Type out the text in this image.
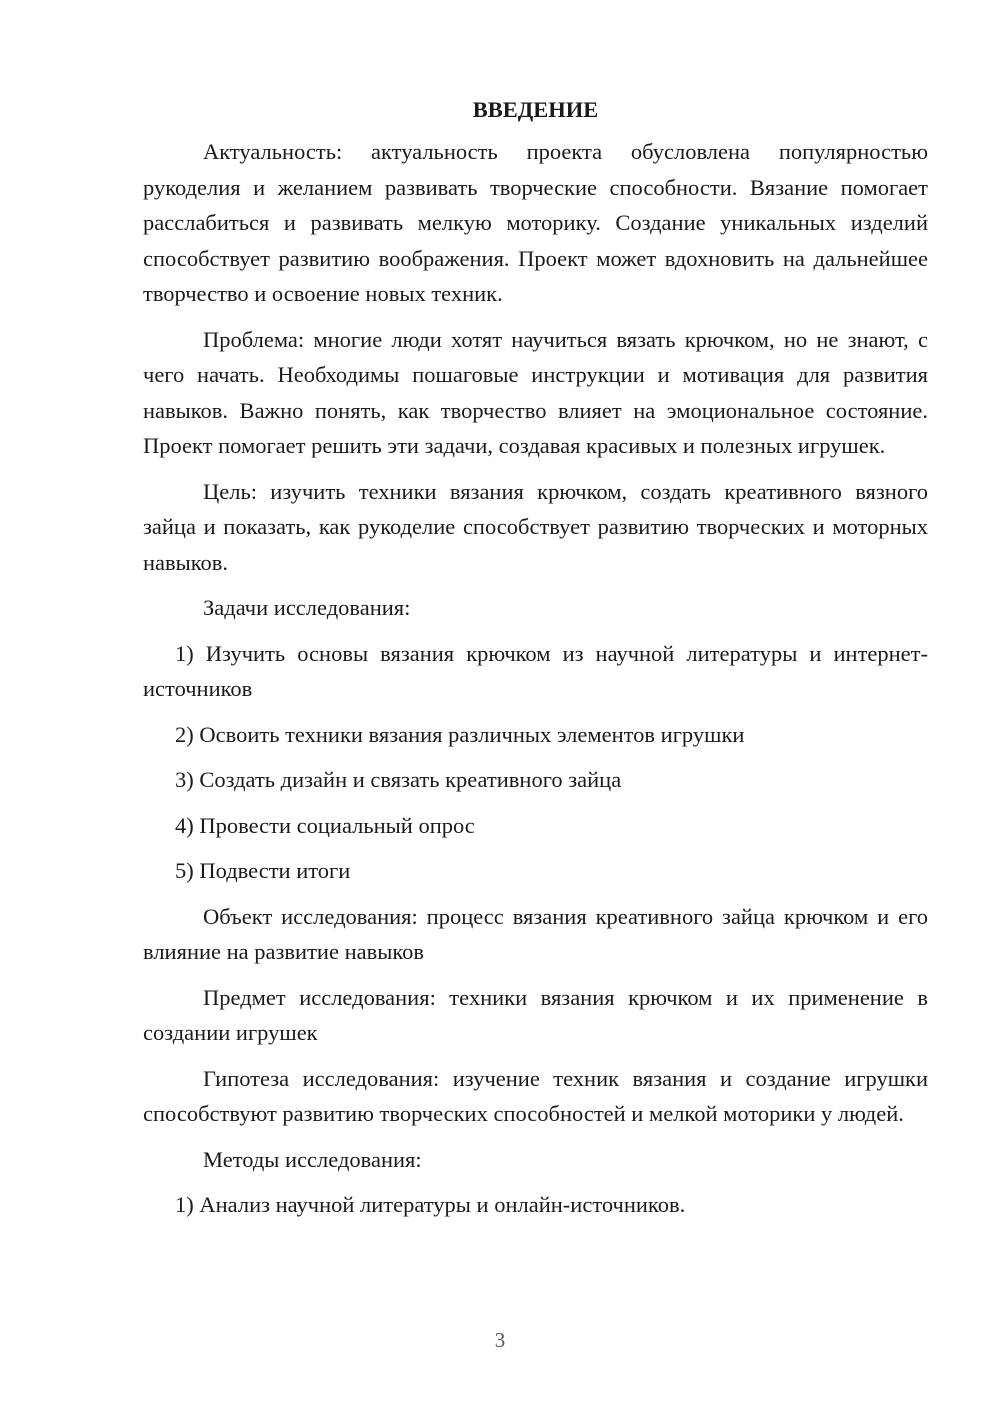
ВВЕДЕНИЕ

Актуальность: актуальность проекта обусловлена популярностью рукоделия и желанием развивать творческие способности. Вязание помогает расслабиться и развивать мелкую моторику. Создание уникальных изделий способствует развитию воображения. Проект может вдохновить на дальнейшее творчество и освоение новых техник.

Проблема: многие люди хотят научиться вязать крючком, но не знают, с чего начать. Необходимы пошаговые инструкции и мотивация для развития навыков. Важно понять, как творчество влияет на эмоциональное состояние. Проект помогает решить эти задачи, создавая красивых и полезных игрушек.

Цель: изучить техники вязания крючком, создать креативного вязного зайца и показать, как рукоделие способствует развитию творческих и моторных навыков.

Задачи исследования:

1) Изучить основы вязания крючком из научной литературы и интернет-источников

2) Освоить техники вязания различных элементов игрушки

3) Создать дизайн и связать креативного зайца

4) Провести социальный опрос

5) Подвести итоги

Объект исследования: процесс вязания креативного зайца крючком и его влияние на развитие навыков

Предмет исследования: техники вязания крючком и их применение в создании игрушек

Гипотеза исследования: изучение техник вязания и создание игрушки способствуют развитию творческих способностей и мелкой моторики у людей.

Методы исследования:

1) Анализ научной литературы и онлайн-источников.

3
